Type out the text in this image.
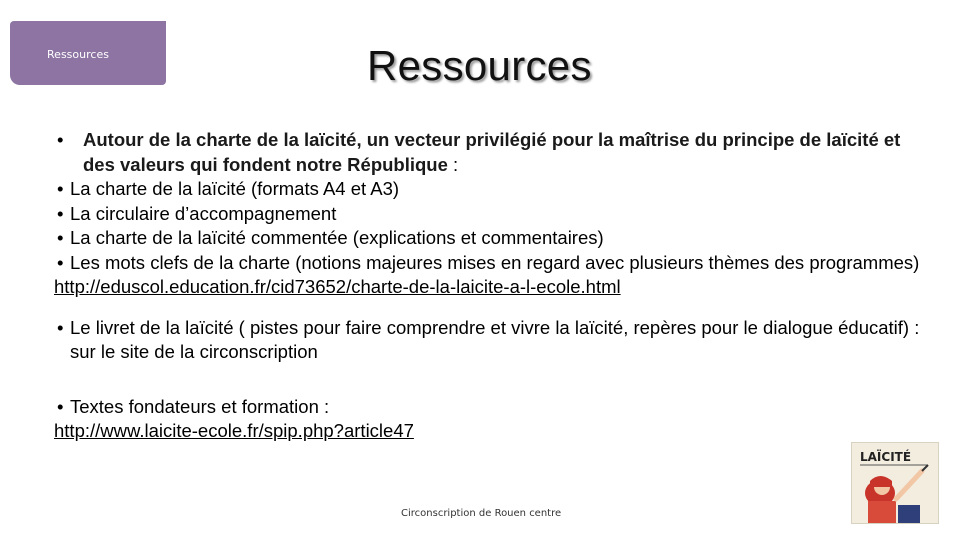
Ressources	Ressources
• Autour de la charte de la laïcité, un vecteur privilégié pour la maîtrise du principe de laïcité et des valeurs qui fondent notre République :
• La charte de la laïcité (formats A4 et A3)
• La circulaire d’accompagnement
• La charte de la laïcité commentée (explications et commentaires)
• Les mots clefs de la charte (notions majeures mises en regard avec plusieurs thèmes des programmes)
http://eduscol.education.fr/cid73652/charte-de-la-laicite-a-l-ecole.html
• Le livret de la laïcité ( pistes pour faire comprendre et vivre la laïcité, repères pour le dialogue éducatif) : sur le site de la circonscription
• Textes fondateurs et formation :
http://www.laicite-ecole.fr/spip.php?article47
Circonscription de Rouen centre
LAÏCITÉ
